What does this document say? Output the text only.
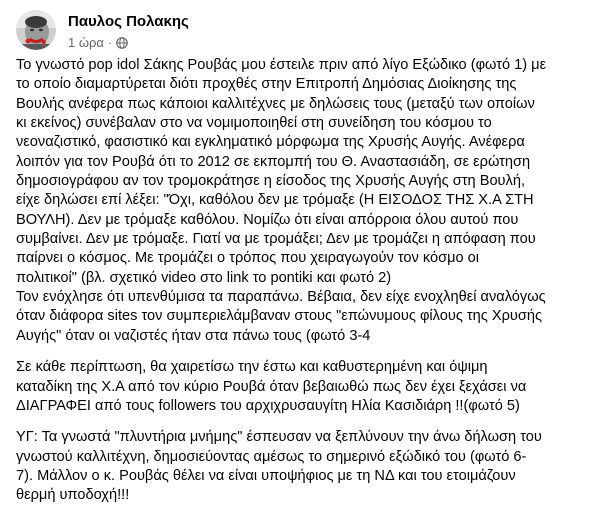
Παυλος Πολακης
1 ώρα ·
Το γνωστό pop idol Σάκης Ρουβάς μου έστειλε πριν από λίγο Εξώδικο (φωτό 1) με
το οποίο διαμαρτύρεται διότι προχθές στην Επιτροπή Δημόσιας Διοίκησης της
Βουλής ανέφερα πως κάποιοι καλλιτέχνες με δηλώσεις τους (μεταξύ των οποίων
κι εκείνος) συνέβαλαν στο να νομιμοποιηθεί στη συνείδηση του κόσμου το
νεοναζιστικό, φασιστικό και εγκληματικό μόρφωμα της Χρυσής Αυγής. Ανέφερα
λοιπόν για τον Ρουβά ότι το 2012 σε εκπομπή του Θ. Αναστασιάδη, σε ερώτηση
δημοσιογράφου αν τον τρομοκράτησε η είσοδος της Χρυσής Αυγής στη Βουλή,
είχε δηλώσει επί λέξει: "Όχι, καθόλου δεν με τρόμαξε (Η ΕΙΣΟΔΟΣ ΤΗΣ Χ.Α ΣΤΗ
ΒΟΥΛΗ). Δεν με τρόμαξε καθόλου. Νομίζω ότι είναι απόρροια όλου αυτού που
συμβαίνει. Δεν με τρόμαξε. Γιατί να με τρομάξει; Δεν με τρομάζει η απόφαση που
παίρνει ο κόσμος. Με τρομάζει ο τρόπος που χειραγωγούν τον κόσμο οι
πολιτικοί" (βλ. σχετικό video στο link το pontiki και φωτό 2)
Τον ενόχλησε ότι υπενθύμισα τα παραπάνω. Βέβαια, δεν είχε ενοχληθεί αναλόγως
όταν διάφορα sites τον συμπεριελάμβαναν στους "επώνυμους φίλους της Χρυσής
Αυγής" όταν οι ναζιστές ήταν στα πάνω τους (φωτό 3-4
Σε κάθε περίπτωση, θα χαιρετίσω την έστω και καθυστερημένη και όψιμη
καταδίκη της Χ.Α από τον κύριο Ρουβά όταν βεβαιωθώ πως δεν έχει ξεχάσει να
ΔΙΑΓΡΑΦΕΙ από τους followers του αρχιχρυσαυγίτη Ηλία Κασιδιάρη !!(φωτό 5)
ΥΓ: Τα γνωστά "πλυντήρια μνήμης" έσπευσαν να ξεπλύνουν την άνω δήλωση του
γνωστού καλλιτέχνη, δημοσιεύοντας αμέσως το σημερινό εξώδικό του (φωτό 6-
7). Μάλλον ο κ. Ρουβάς θέλει να είναι υποψήφιος με τη ΝΔ και του ετοιμάζουν
θερμή υποδοχή!!!
